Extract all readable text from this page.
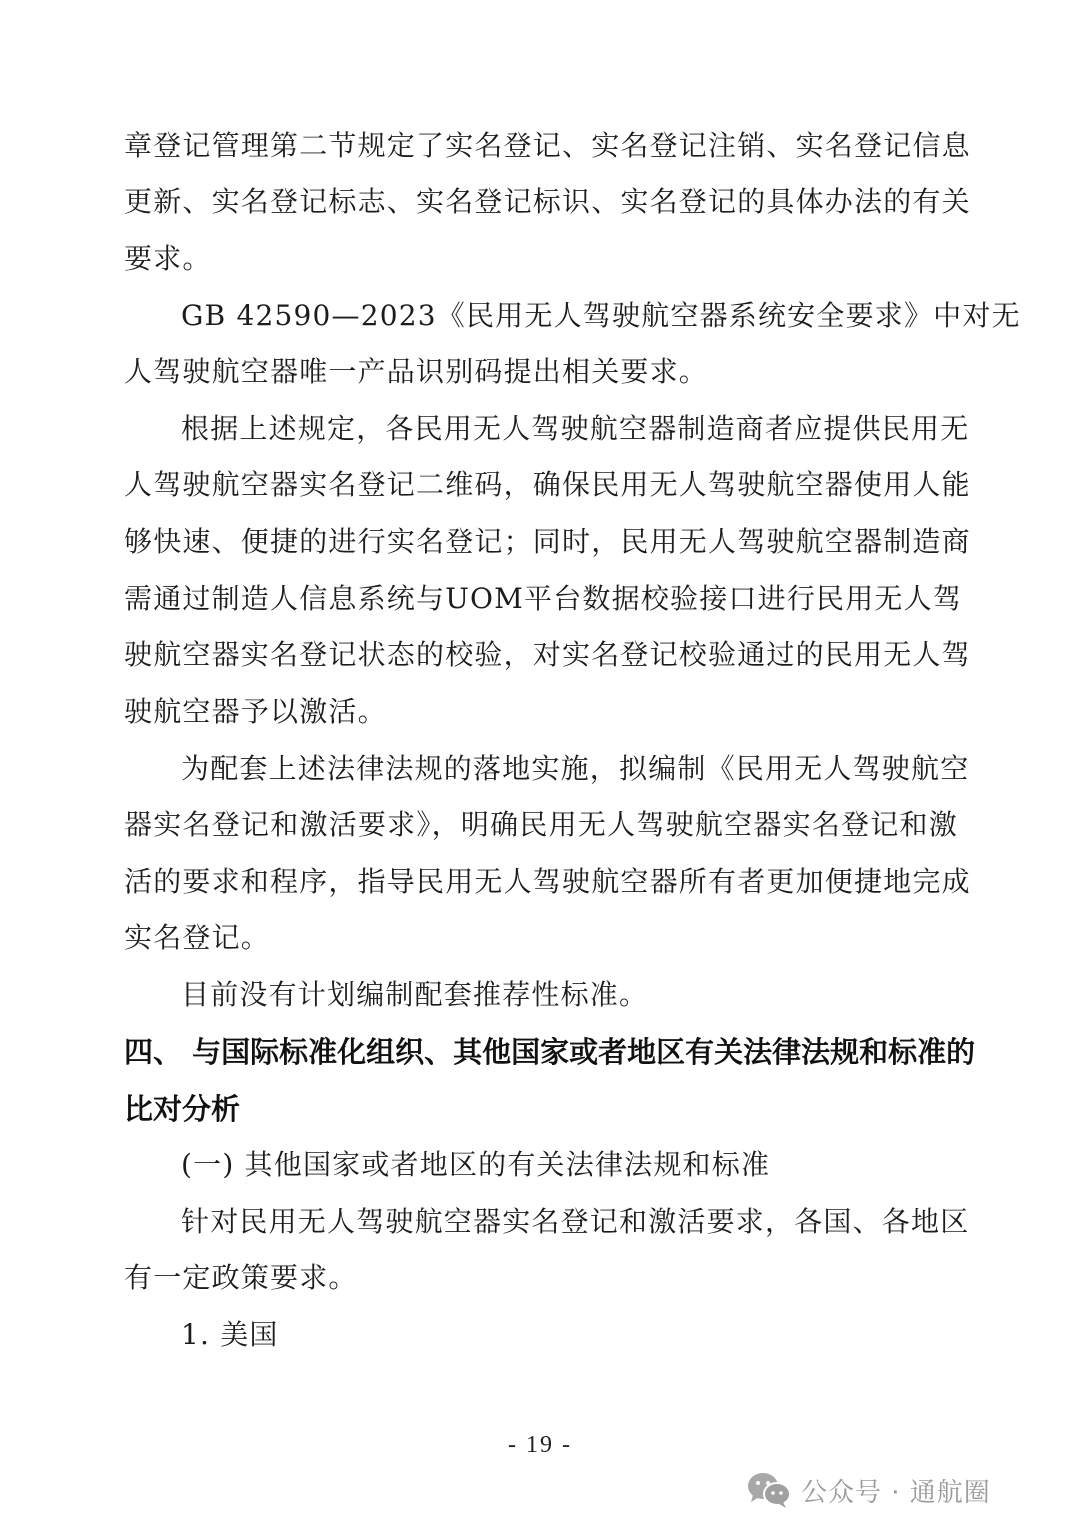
章登记管理第二节规定了实名登记、实名登记注销、实名登记信息
更新、实名登记标志、实名登记标识、实名登记的具体办法的有关
要求。
GB 42590—2023《民用无人驾驶航空器系统安全要求》中对无
人驾驶航空器唯一产品识别码提出相关要求。
根据上述规定，各民用无人驾驶航空器制造商者应提供民用无
人驾驶航空器实名登记二维码，确保民用无人驾驶航空器使用人能
够快速、便捷的进行实名登记；同时，民用无人驾驶航空器制造商
需通过制造人信息系统与UOM平台数据校验接口进行民用无人驾
驶航空器实名登记状态的校验，对实名登记校验通过的民用无人驾
驶航空器予以激活。
为配套上述法律法规的落地实施，拟编制《民用无人驾驶航空
器实名登记和激活要求》，明确民用无人驾驶航空器实名登记和激
活的要求和程序，指导民用无人驾驶航空器所有者更加便捷地完成
实名登记。
目前没有计划编制配套推荐性标准。
四、 与国际标准化组织、其他国家或者地区有关法律法规和标准的
比对分析
(一) 其他国家或者地区的有关法律法规和标准
针对民用无人驾驶航空器实名登记和激活要求，各国、各地区
有一定政策要求。
1. 美国
- 19 -
公众号 · 通航圈
